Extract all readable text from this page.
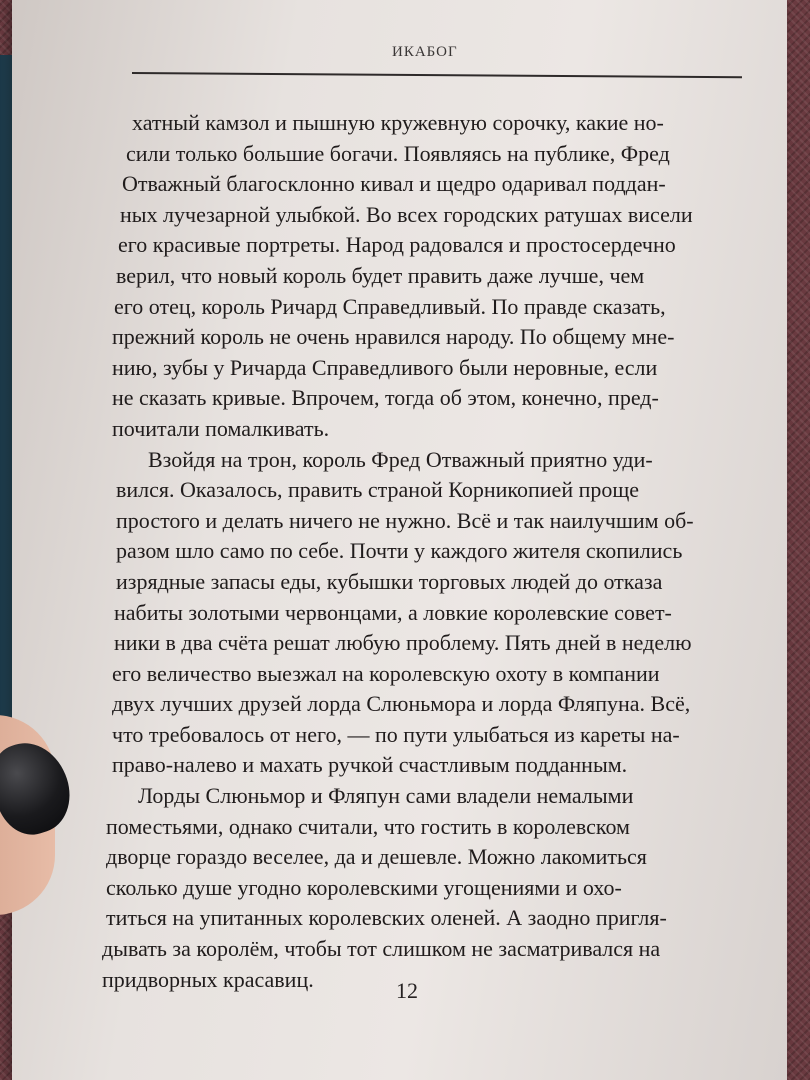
ИКАБОГ
хатный камзол и пышную кружевную сорочку, какие но-
сили только большие богачи. Появляясь на публике, Фред
Отважный благосклонно кивал и щедро одаривал поддан-
ных лучезарной улыбкой. Во всех городских ратушах висели
его красивые портреты. Народ радовался и простосердечно
верил, что новый король будет править даже лучше, чем
его отец, король Ричард Справедливый. По правде сказать,
прежний король не очень нравился народу. По общему мне-
нию, зубы у Ричарда Справедливого были неровные, если
не сказать кривые. Впрочем, тогда об этом, конечно, пред-
почитали помалкивать.
Взойдя на трон, король Фред Отважный приятно уди-
вился. Оказалось, править страной Корникопией проще
простого и делать ничего не нужно. Всё и так наилучшим об-
разом шло само по себе. Почти у каждого жителя скопились
изрядные запасы еды, кубышки торговых людей до отказа
набиты золотыми червонцами, а ловкие королевские совет-
ники в два счёта решат любую проблему. Пять дней в неделю
его величество выезжал на королевскую охоту в компании
двух лучших друзей лорда Слюньмора и лорда Фляпуна. Всё,
что требовалось от него, — по пути улыбаться из кареты на-
право-налево и махать ручкой счастливым подданным.
Лорды Слюньмор и Фляпун сами владели немалыми
поместьями, однако считали, что гостить в королевском
дворце гораздо веселее, да и дешевле. Можно лакомиться
сколько душе угодно королевскими угощениями и охо-
титься на упитанных королевских оленей. А заодно пригля-
дывать за королём, чтобы тот слишком не засматривался на
придворных красавиц.	12
